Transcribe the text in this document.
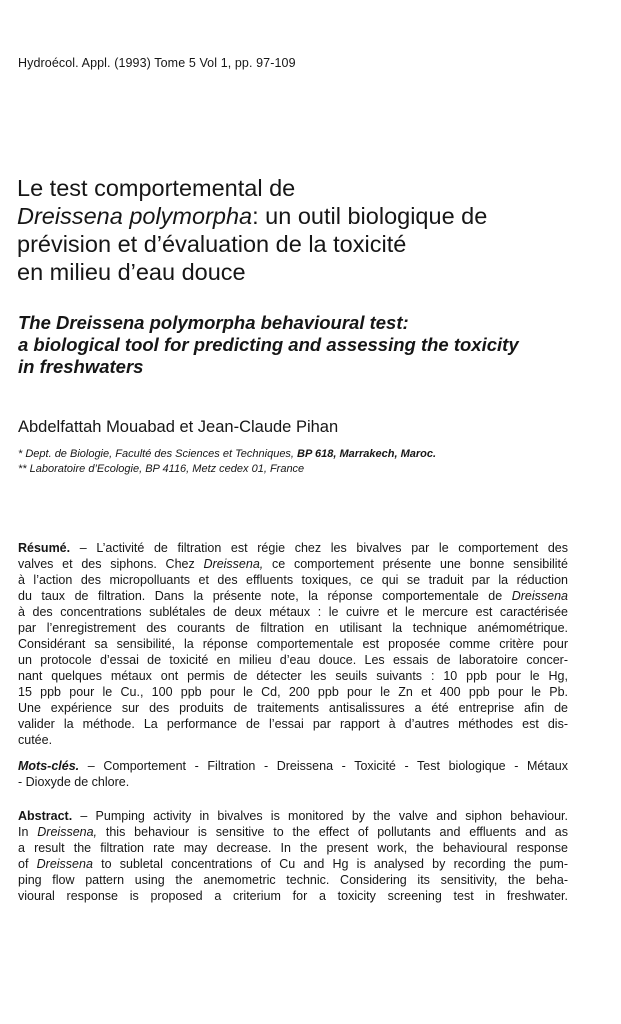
Hydroécol. Appl. (1993) Tome 5 Vol 1, pp. 97-109
Le test comportemental de
Dreissena polymorpha: un outil biologique de
prévision et d’évaluation de la toxicité
en milieu d’eau douce
The Dreissena polymorpha behavioural test:
a biological tool for predicting and assessing the toxicity
in freshwaters
Abdelfattah Mouabad et Jean-Claude Pihan
* Dept. de Biologie, Faculté des Sciences et Techniques, BP 618, Marrakech, Maroc.
** Laboratoire d’Ecologie, BP 4116, Metz cedex 01, France
Résumé. – L’activité de filtration est régie chez les bivalves par le comportement des
valves et des siphons. Chez Dreissena, ce comportement présente une bonne sensibilité
à l’action des micropolluants et des effluents toxiques, ce qui se traduit par la réduction
du taux de filtration. Dans la présente note, la réponse comportementale de Dreissena
à des concentrations sublétales de deux métaux : le cuivre et le mercure est caractérisée
par l’enregistrement des courants de filtration en utilisant la technique anémométrique.
Considérant sa sensibilité, la réponse comportementale est proposée comme critère pour
un protocole d’essai de toxicité en milieu d’eau douce. Les essais de laboratoire concer-
nant quelques métaux ont permis de détecter les seuils suivants : 10 ppb pour le Hg,
15 ppb pour le Cu., 100 ppb pour le Cd, 200 ppb pour le Zn et 400 ppb pour le Pb.
Une expérience sur des produits de traitements antisalissures a été entreprise afin de
valider la méthode. La performance de l’essai par rapport à d’autres méthodes est dis-
cutée.
Mots-clés. – Comportement - Filtration - Dreissena - Toxicité - Test biologique - Métaux
- Dioxyde de chlore.
Abstract. – Pumping activity in bivalves is monitored by the valve and siphon behaviour.
In Dreissena, this behaviour is sensitive to the effect of pollutants and effluents and as
a result the filtration rate may decrease. In the present work, the behavioural response
of Dreissena to subletal concentrations of Cu and Hg is analysed by recording the pum-
ping flow pattern using the anemometric technic. Considering its sensitivity, the beha-
vioural response is proposed a criterium for a toxicity screening test in freshwater.
